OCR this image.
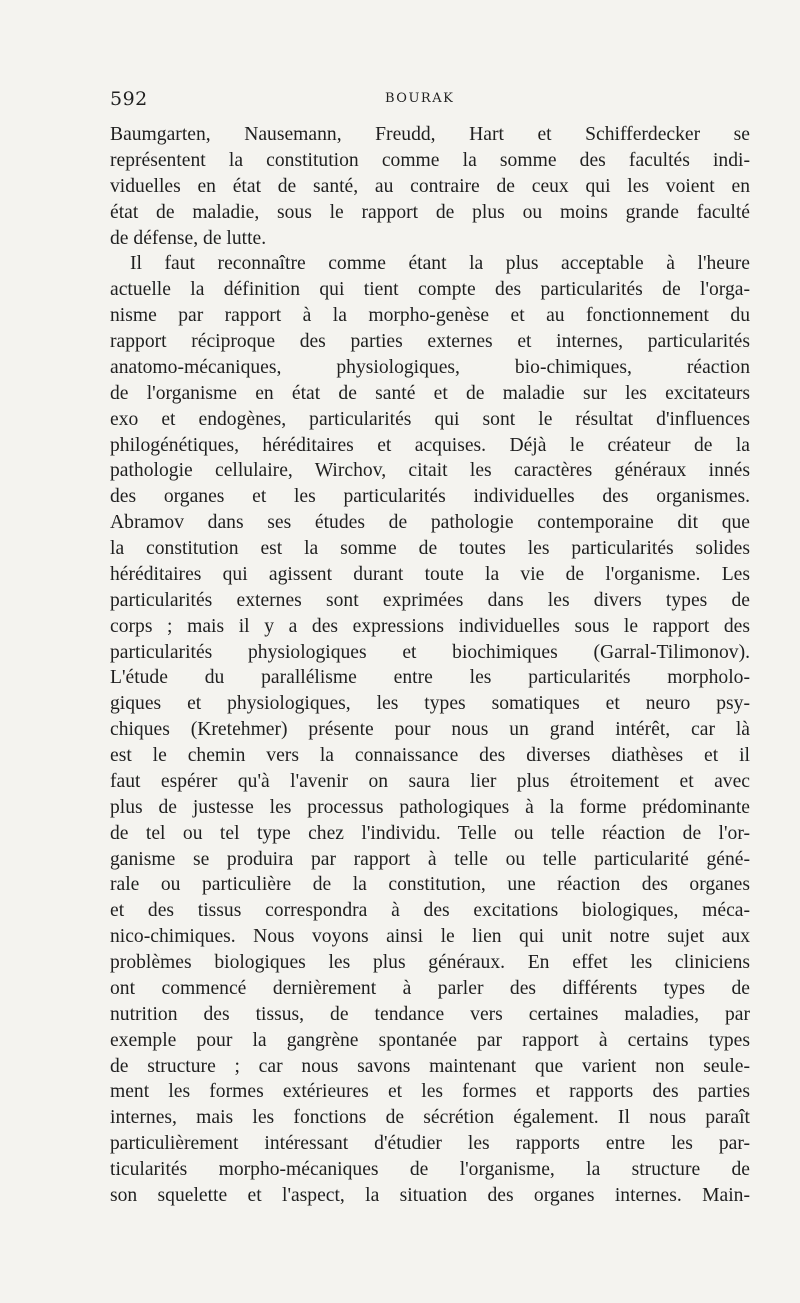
592	BOURAK
Baumgarten, Nausemann, Freudd, Hart et Schifferdecker se
représentent la constitution comme la somme des facultés indi-
viduelles en état de santé, au contraire de ceux qui les voient en
état de maladie, sous le rapport de plus ou moins grande faculté
de défense, de lutte.
Il faut reconnaître comme étant la plus acceptable à l'heure
actuelle la définition qui tient compte des particularités de l'orga-
nisme par rapport à la morpho-genèse et au fonctionnement du
rapport réciproque des parties externes et internes, particularités
anatomo-mécaniques, physiologiques, bio-chimiques, réaction
de l'organisme en état de santé et de maladie sur les excitateurs
exo et endogènes, particularités qui sont le résultat d'influences
philogénétiques, héréditaires et acquises. Déjà le créateur de la
pathologie cellulaire, Wirchov, citait les caractères généraux innés
des organes et les particularités individuelles des organismes.
Abramov dans ses études de pathologie contemporaine dit que
la constitution est la somme de toutes les particularités solides
héréditaires qui agissent durant toute la vie de l'organisme. Les
particularités externes sont exprimées dans les divers types de
corps ; mais il y a des expressions individuelles sous le rapport des
particularités physiologiques et biochimiques (Garral-Tilimonov).
L'étude du parallélisme entre les particularités morpholo-
giques et physiologiques, les types somatiques et neuro psy-
chiques (Kretehmer) présente pour nous un grand intérêt, car là
est le chemin vers la connaissance des diverses diathèses et il
faut espérer qu'à l'avenir on saura lier plus étroitement et avec
plus de justesse les processus pathologiques à la forme prédominante
de tel ou tel type chez l'individu. Telle ou telle réaction de l'or-
ganisme se produira par rapport à telle ou telle particularité géné-
rale ou particulière de la constitution, une réaction des organes
et des tissus correspondra à des excitations biologiques, méca-
nico-chimiques. Nous voyons ainsi le lien qui unit notre sujet aux
problèmes biologiques les plus généraux. En effet les cliniciens
ont commencé dernièrement à parler des différents types de
nutrition des tissus, de tendance vers certaines maladies, par
exemple pour la gangrène spontanée par rapport à certains types
de structure ; car nous savons maintenant que varient non seule-
ment les formes extérieures et les formes et rapports des parties
internes, mais les fonctions de sécrétion également. Il nous paraît
particulièrement intéressant d'étudier les rapports entre les par-
ticularités morpho-mécaniques de l'organisme, la structure de
son squelette et l'aspect, la situation des organes internes. Main-
